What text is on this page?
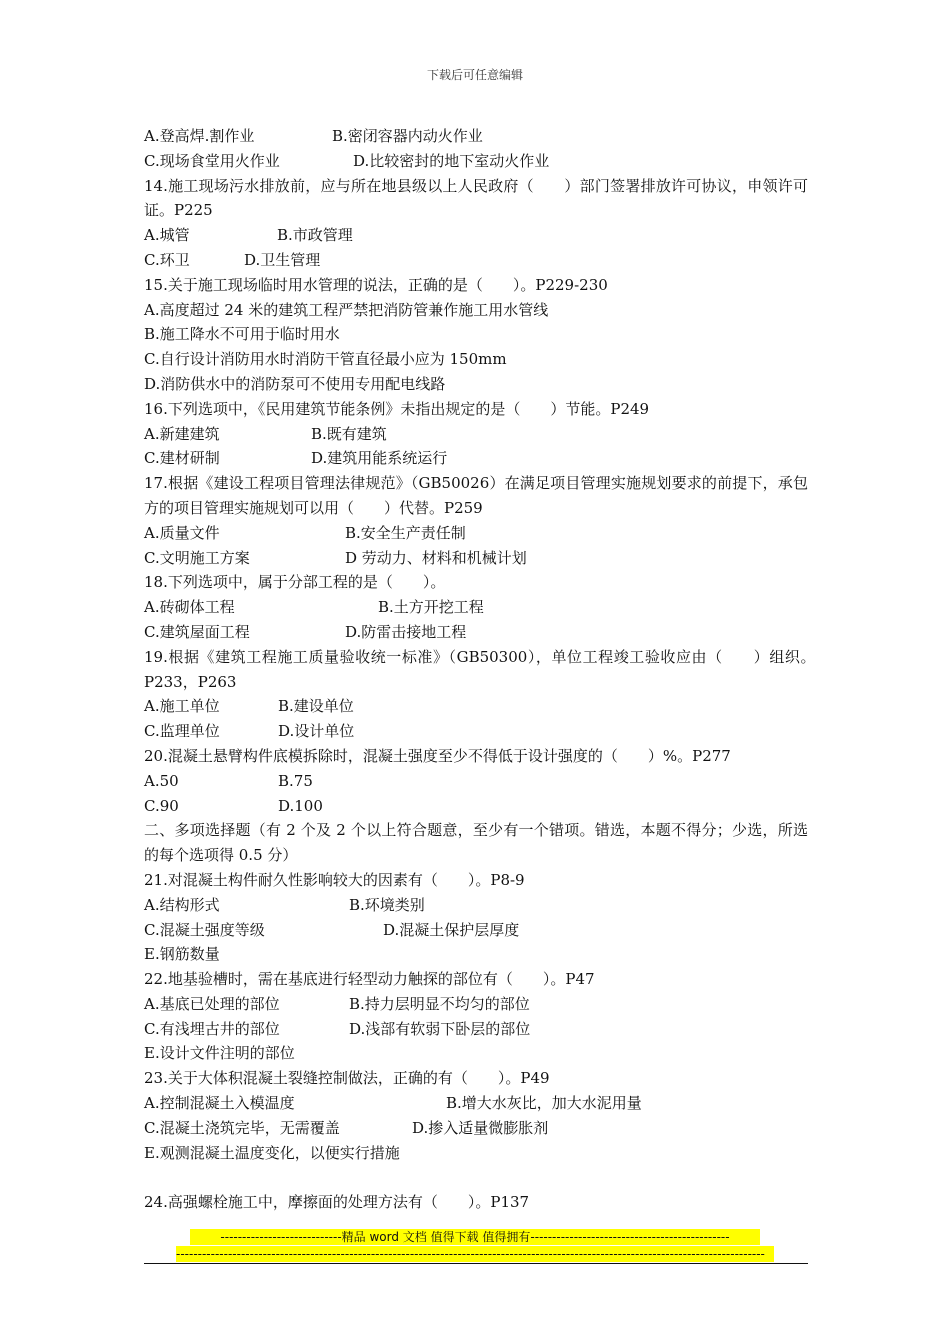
下载后可任意编辑
A.登高焊.割作业	B.密闭容器内动火作业
C.现场食堂用火作业	D.比较密封的地下室动火作业
14.施工现场污水排放前，应与所在地县级以上人民政府（　　）部门签署排放许可协议，申领许可证。P225
A.城管	B.市政管理
C.环卫	D.卫生管理
15.关于施工现场临时用水管理的说法，正确的是（　　）。P229-230
A.高度超过 24 米的建筑工程严禁把消防管兼作施工用水管线
B.施工降水不可用于临时用水
C.自行设计消防用水时消防干管直径最小应为 150mm
D.消防供水中的消防泵可不使用专用配电线路
16.下列选项中，《民用建筑节能条例》未指出规定的是（　　）节能。P249
A.新建建筑	B.既有建筑
C.建材研制	D.建筑用能系统运行
17.根据《建设工程项目管理法律规范》（GB50026）在满足项目管理实施规划要求的前提下，承包方的项目管理实施规划可以用（　　）代替。P259
A.质量文件	B.安全生产责任制
C.文明施工方案	D 劳动力、材料和机械计划
18.下列选项中，属于分部工程的是（　　）。
A.砖砌体工程	B.土方开挖工程
C.建筑屋面工程	D.防雷击接地工程
19.根据《建筑工程施工质量验收统一标准》（GB50300），单位工程竣工验收应由（　　）组织。　P233，P263
A.施工单位	B.建设单位
C.监理单位	D.设计单位
20.混凝土悬臂构件底模拆除时，混凝土强度至少不得低于设计强度的（　　）%。P277
A.50	B.75
C.90	D.100
二、多项选择题（有 2 个及 2 个以上符合题意，至少有一个错项。错选，本题不得分；少选，所选的每个选项得 0.5 分）
21.对混凝土构件耐久性影响较大的因素有（　　）。P8-9
A.结构形式	B.环境类别
C.混凝土强度等级	D.混凝土保护层厚度
E.钢筋数量
22.地基验槽时，需在基底进行轻型动力触探的部位有（　　）。P47
A.基底已处理的部位	B.持力层明显不均匀的部位
C.有浅埋古井的部位	D.浅部有软弱下卧层的部位
E.设计文件注明的部位
23.关于大体积混凝土裂缝控制做法，正确的有（　　）。P49
A.控制混凝土入模温度	B.增大水灰比，加大水泥用量
C.混凝土浇筑完毕，无需覆盖	D.掺入适量微膨胀剂
E.观测混凝土温度变化，以便实行措施
24.高强螺栓施工中，摩擦面的处理方法有（　　）。P137
----------------------------精品 word 文档 值得下载 值得拥有----------------------------------------------
----------------------------------------------------------------------------------------------------------------------------------------
